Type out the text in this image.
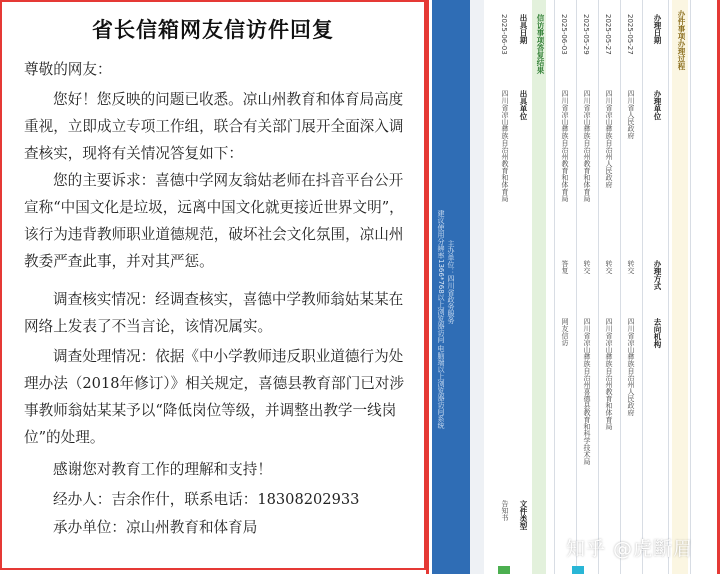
省长信箱网友信访件回复

尊敬的网友：

您好！您反映的问题已收悉。凉山州教育和体育局高度重视，立即成立专项工作组，联合有关部门展开全面深入调查核实，现将有关情况答复如下：

您的主要诉求：喜德中学网友翁姑老师在抖音平台公开宣称“中国文化是垃圾，远离中国文化就更接近世界文明”，该行为违背教师职业道德规范，破坏社会文化氛围，凉山州教委严查此事，并对其严惩。

调查核实情况：经调查核实，喜德中学教师翁姑某某在网络上发表了不当言论，该情况属实。

调查处理情况：依据《中小学教师违反职业道德行为处理办法（2018年修订）》相关规定，喜德县教育部门已对涉事教师翁姑某某予以“降低岗位等级，并调整出教学一线岗位”的处理。

感谢您对教育工作的理解和支持！

经办人：吉余作什，联系电话：18308202933

承办单位：凉山州教育和体育局

主办单位：四川省政务服务
建议使用分辨率1366*768以上浏览器访问 电脑端以上浏览器访问系统
信访事项答复结果
出具日期
2025-06-03
出具单位
四川省凉山彝族自治州教育和体育局
文件类型
告知书
2025-06-03
四川省凉山彝族自治州教育和体育局
答复
网友信访
2025-05-29
四川省凉山彝族自治州教育和体育局
转交
四川省凉山彝族自治州喜德县教育和科学技术局
2025-05-27
四川省凉山彝族自治州人民政府
转交
四川省凉山彝族自治州教育和体育局
2025-05-27
四川省人民政府
转交
四川省凉山彝族自治州人民政府
办理日期
办理单位
办理方式
去向机构
办件事项办理过程
知乎 @虎斷眉
